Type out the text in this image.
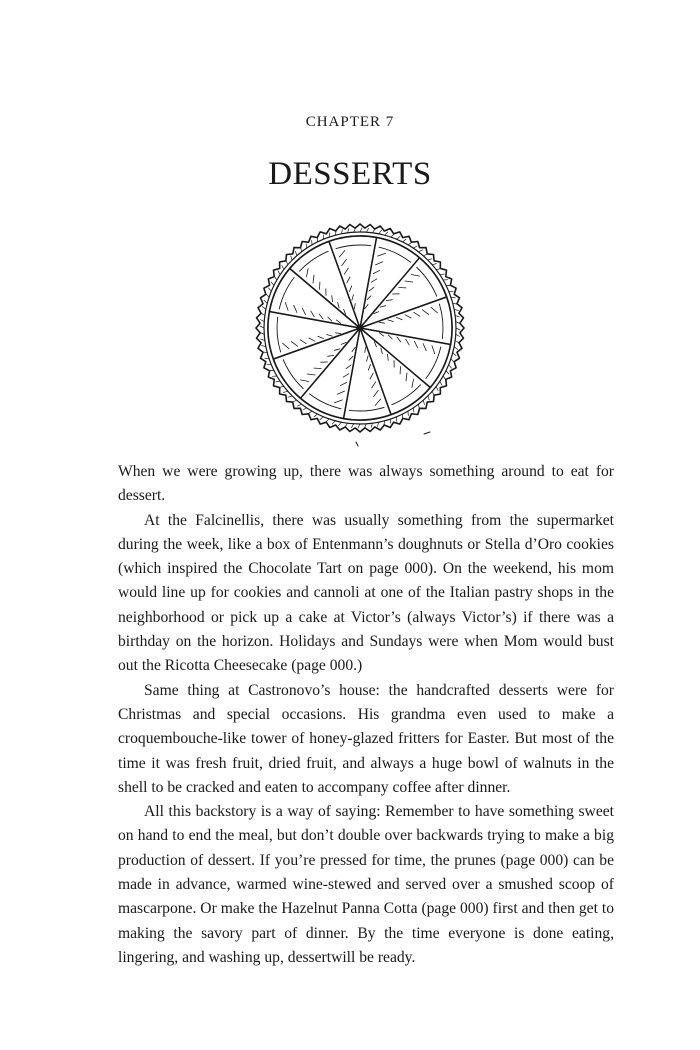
CHAPTER 7
DESSERTS

When we were growing up, there was always something around to eat for dessert.

At the Falcinellis, there was usually something from the supermarket during the week, like a box of Entenmann’s doughnuts or Stella d’Oro cookies (which inspired the Chocolate Tart on page 000). On the weekend, his mom would line up for cookies and cannoli at one of the Italian pastry shops in the neighborhood or pick up a cake at Victor’s (always Victor’s) if there was a birthday on the horizon. Holidays and Sundays were when Mom would bust out the Ricotta Cheesecake (page 000.)

Same thing at Castronovo’s house: the handcrafted desserts were for Christmas and special occasions. His grandma even used to make a croquembouche-like tower of honey-glazed fritters for Easter. But most of the time it was fresh fruit, dried fruit, and always a huge bowl of walnuts in the shell to be cracked and eaten to accompany coffee after dinner.

All this backstory is a way of saying: Remember to have something sweet on hand to end the meal, but don’t double over backwards trying to make a big production of dessert. If you’re pressed for time, the prunes (page 000) can be made in advance, warmed wine-stewed and served over a smushed scoop of mascarpone. Or make the Hazelnut Panna Cotta (page 000) first and then get to making the savory part of dinner. By the time everyone is done eating, lingering, and washing up, dessertwill be ready.
